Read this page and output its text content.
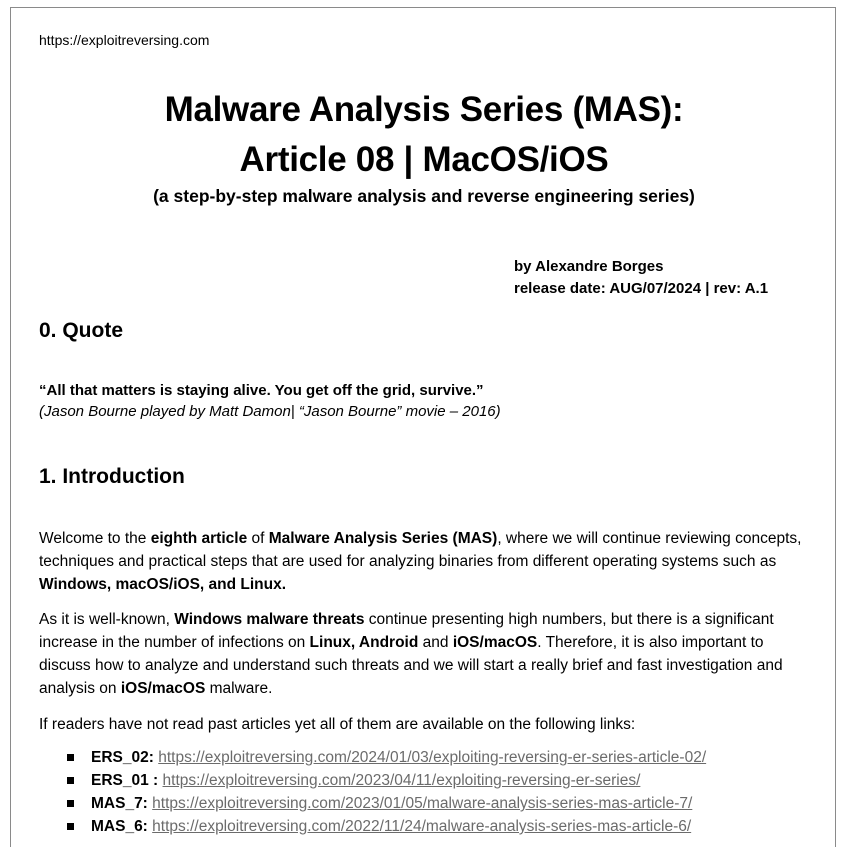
https://exploitreversing.com
Malware Analysis Series (MAS):
Article 08 | MacOS/iOS
(a step-by-step malware analysis and reverse engineering series)
by Alexandre Borges
release date: AUG/07/2024 | rev: A.1
0. Quote
“All that matters is staying alive. You get off the grid, survive.”
(Jason Bourne played by Matt Damon| “Jason Bourne” movie – 2016)
1. Introduction
Welcome to the eighth article of Malware Analysis Series (MAS), where we will continue reviewing concepts, techniques and practical steps that are used for analyzing binaries from different operating systems such as Windows, macOS/iOS, and Linux.
As it is well-known, Windows malware threats continue presenting high numbers, but there is a significant increase in the number of infections on Linux, Android and iOS/macOS. Therefore, it is also important to discuss how to analyze and understand such threats and we will start a really brief and fast investigation and analysis on iOS/macOS malware.
If readers have not read past articles yet all of them are available on the following links:
ERS_02: https://exploitreversing.com/2024/01/03/exploiting-reversing-er-series-article-02/
ERS_01 : https://exploitreversing.com/2023/04/11/exploiting-reversing-er-series/
MAS_7: https://exploitreversing.com/2023/01/05/malware-analysis-series-mas-article-7/
MAS_6: https://exploitreversing.com/2022/11/24/malware-analysis-series-mas-article-6/
